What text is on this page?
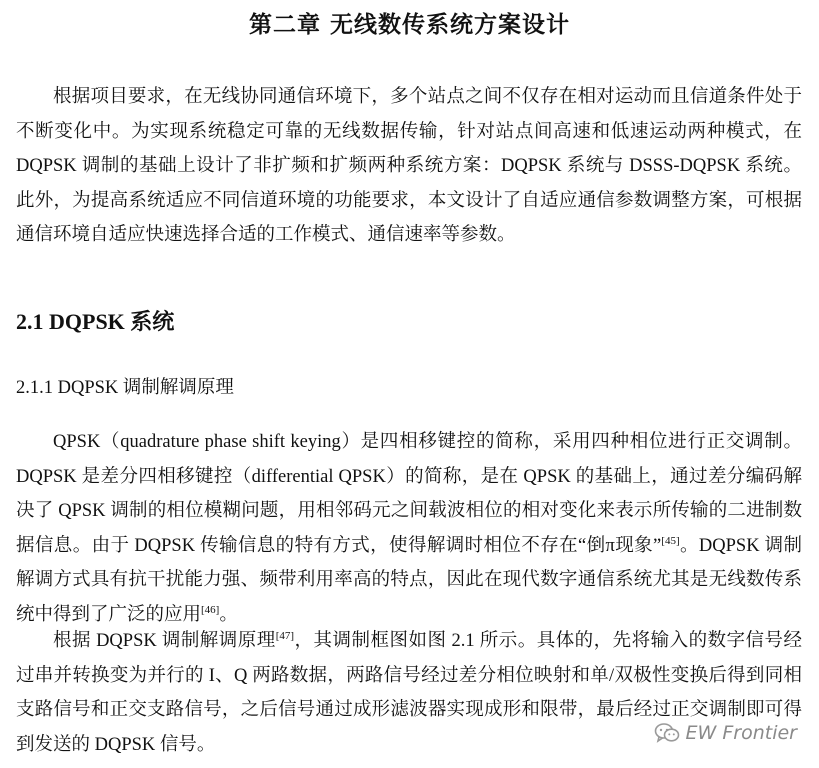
第二章 无线数传系统方案设计

根据项目要求，在无线协同通信环境下，多个站点之间不仅存在相对运动而且信道条件处于不断变化中。为实现系统稳定可靠的无线数据传输，针对站点间高速和低速运动两种模式，在 DQPSK 调制的基础上设计了非扩频和扩频两种系统方案：DQPSK 系统与 DSSS-DQPSK 系统。此外，为提高系统适应不同信道环境的功能要求，本文设计了自适应通信参数调整方案，可根据通信环境自适应快速选择合适的工作模式、通信速率等参数。

2.1 DQPSK 系统
2.1.1 DQPSK 调制解调原理

QPSK（quadrature phase shift keying）是四相移键控的简称，采用四种相位进行正交调制。DQPSK 是差分四相移键控（differential QPSK）的简称，是在 QPSK 的基础上，通过差分编码解决了 QPSK 调制的相位模糊问题，用相邻码元之间载波相位的相对变化来表示所传输的二进制数据信息。由于 DQPSK 传输信息的特有方式，使得解调时相位不存在“倒π现象”[45]。DQPSK 调制解调方式具有抗干扰能力强、频带利用率高的特点，因此在现代数字通信系统尤其是无线数传系统中得到了广泛的应用[46]。

根据 DQPSK 调制解调原理[47]，其调制框图如图 2.1 所示。具体的，先将输入的数字信号经过串并转换变为并行的 I、Q 两路数据，两路信号经过差分相位映射和单/双极性变换后得到同相支路信号和正交支路信号，之后信号通过成形滤波器实现成形和限带，最后经过正交调制即可得到发送的 DQPSK 信号。

EW Frontier
